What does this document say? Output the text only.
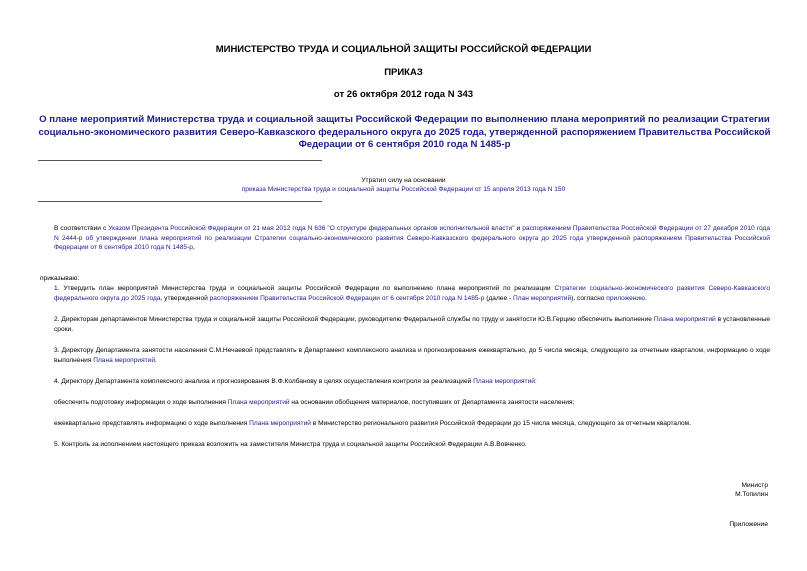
МИНИСТЕРСТВО ТРУДА И СОЦИАЛЬНОЙ ЗАЩИТЫ РОССИЙСКОЙ ФЕДЕРАЦИИ
ПРИКАЗ
от 26 октября 2012 года N 343
О плане мероприятий Министерства труда и социальной защиты Российской Федерации по выполнению плана мероприятий по реализации Стратегии социально-экономического развития Северо-Кавказского федерального округа до 2025 года, утвержденной распоряжением Правительства Российской Федерации от 6 сентября 2010 года N 1485-р
Утратил силу на основании
приказа Министерства труда и социальной защиты Российской Федерации от 15 апреля 2013 года N 150
В соответствии с Указом Президента Российской Федерации от 21 мая 2012 года N 636 "О структуре федеральных органов исполнительной власти" и распоряжением Правительства Российской Федерации от 27 декабря 2010 года N 2444-р об утверждении плана мероприятий по реализации Стратегии социально-экономического развития Северо-Кавказского федерального округа до 2025 года утвержденной распоряжением Правительства Российской Федерации от 6 сентября 2010 года N 1485-р,
приказываю:
1. Утвердить план мероприятий Министерства труда и социальной защиты Российской Федерации по выполнению плана мероприятий по реализации Стратегии социально-экономического развития Северо-Кавказского федерального округа до 2025 года, утвержденной распоряжением Правительства Российской Федерации от 6 сентября 2010 года N 1485-р (далее - План мероприятий), согласно приложению.
2. Директорам департаментов Министерства труда и социальной защиты Российской Федерации, руководителю Федеральной службы по труду и занятости Ю.В.Герцию обеспечить выполнение Плана мероприятий в установленные сроки.
3. Директору Департамента занятости населения С.М.Нечаевой представлять в Департамент комплексного анализа и прогнозирования ежеквартально, до 5 числа месяца, следующего за отчетным кварталом, информацию о ходе выполнения Плана мероприятий.
4. Директору Департамента комплексного анализа и прогнозирования В.Ф.Колбанову в целях осуществления контроля за реализацией Плана мероприятий:
обеспечить подготовку информации о ходе выполнения Плана мероприятий на основании обобщения материалов, поступивших от Департамента занятости населения;
ежеквартально представлять информацию о ходе выполнения Плана мероприятий в Министерство регионального развития Российской Федерации до 15 числа месяца, следующего за отчетным кварталом.
5. Контроль за исполнением настоящего приказа возложить на заместителя Министра труда и социальной защиты Российской Федерации А.В.Вовченко.
Министр
М.Топилин
Приложение
